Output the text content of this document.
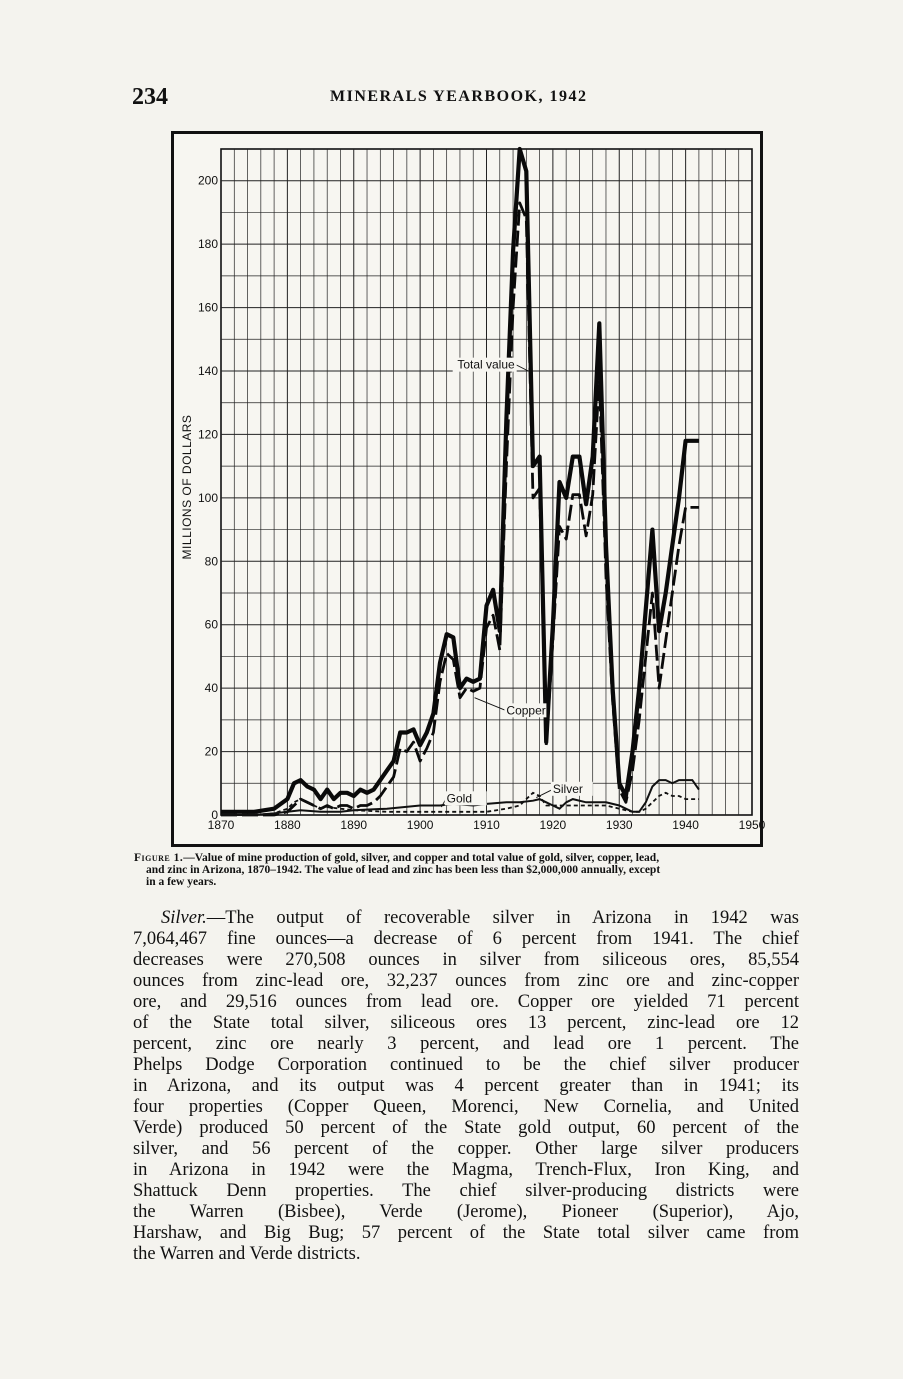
234	MINERALS YEARBOOK, 1942
1870	1880	1890	1900	1910	1920	1930	1940	1950
0
20
40
60
80
100
120
140
160
180
200
MILLIONS OF DOLLARS
Total value
Copper
Gold
Silver
Figure 1.—Value of mine production of gold, silver, and copper and total value of gold, silver, copper, lead,
and zinc in Arizona, 1870–1942. The value of lead and zinc has been less than $2,000,000 annually, except
in a few years.
Silver.—The output of recoverable silver in Arizona in 1942 was
7,064,467 fine ounces—a decrease of 6 percent from 1941. The chief
decreases were 270,508 ounces in silver from siliceous ores, 85,554
ounces from zinc-lead ore, 32,237 ounces from zinc ore and zinc-copper
ore, and 29,516 ounces from lead ore. Copper ore yielded 71 percent
of the State total silver, siliceous ores 13 percent, zinc-lead ore 12
percent, zinc ore nearly 3 percent, and lead ore 1 percent. The
Phelps Dodge Corporation continued to be the chief silver producer
in Arizona, and its output was 4 percent greater than in 1941; its
four properties (Copper Queen, Morenci, New Cornelia, and United
Verde) produced 50 percent of the State gold output, 60 percent of the
silver, and 56 percent of the copper. Other large silver producers
in Arizona in 1942 were the Magma, Trench-Flux, Iron King, and
Shattuck Denn properties. The chief silver-producing districts were
the Warren (Bisbee), Verde (Jerome), Pioneer (Superior), Ajo,
Harshaw, and Big Bug; 57 percent of the State total silver came from
the Warren and Verde districts.
